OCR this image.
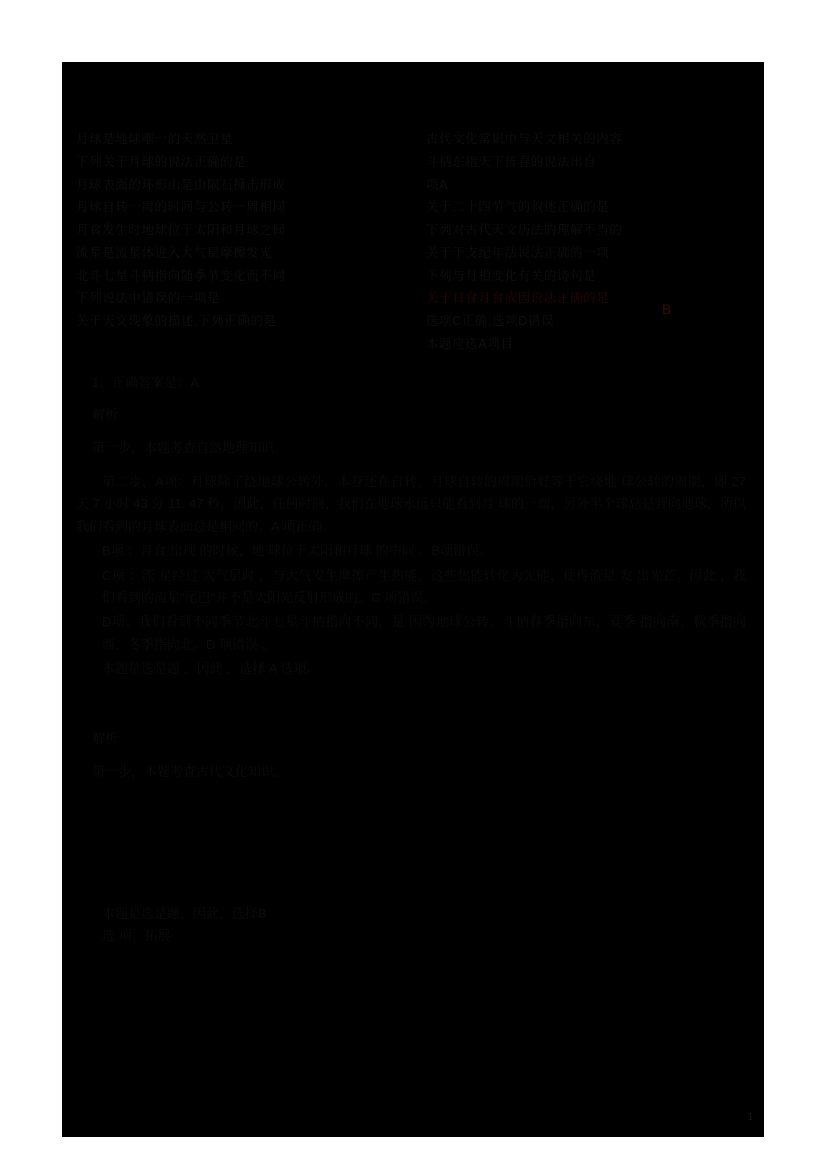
月球是地球唯一的天然卫星
下列关于月球的说法正确的是
月球表面的环形山是由陨石撞击形成
月球自转一周的时间与公转一周相同
月食发生时地球位于太阳和月球之间
流星是流星体进入大气层摩擦发光
北斗七星斗柄指向随季节变化而不同
下列说法中错误的一项是
关于天文现象的描述,下列正确的是
古代文化常识中与天文相关的内容
斗柄东指天下皆春的说法出自
项A
关于二十四节气的叙述正确的是
下列对古代天文历法的理解不当的
关于干支纪年法说法正确的一项
下列与月相变化有关的诗句是
关于日食月食成因说法正确的是
选项C正确,选项D错误
本题应选A项目
B
1、正确答案是：A
解析
第一步，本题考查自然地理知识。
第二步，A项：月球除了绕地球公转外，本身还在自转。月球自转的周期恰好等于它绕地 球公转的周期，即 27 天 7 小时 43 分 11. 47 秒，因此，任何时间，我们在地球永远只能看到月 球的一面，另外半个球总是背向地球，所以我们看到的月球表面总是相同的。A 项正确。
B项 ：月食 出现 的时候，地 球位于太阳和月球 的中间 。B项错误。
C项 ：流 星经过 大气层时 ，与大气发生摩擦产生热能，这些热能转化为光能，使得流星 发 出光芒。因此 ，我们看到的流星"尾巴"并不是太阳光反射形成的。C 项错误。
D项：我们看到不同季节北斗七星斗柄指向不同，是 因为地球公转。斗柄春季指向东，夏季 指向南，秋季指向西，冬季指向北。D 项错误 。
本题是选是题 ，因此 ，选择 A 选项。
解析
第一步，本题考查古代文化知识。
本题是选是题，因此，选择B
选 项。拓展
1
